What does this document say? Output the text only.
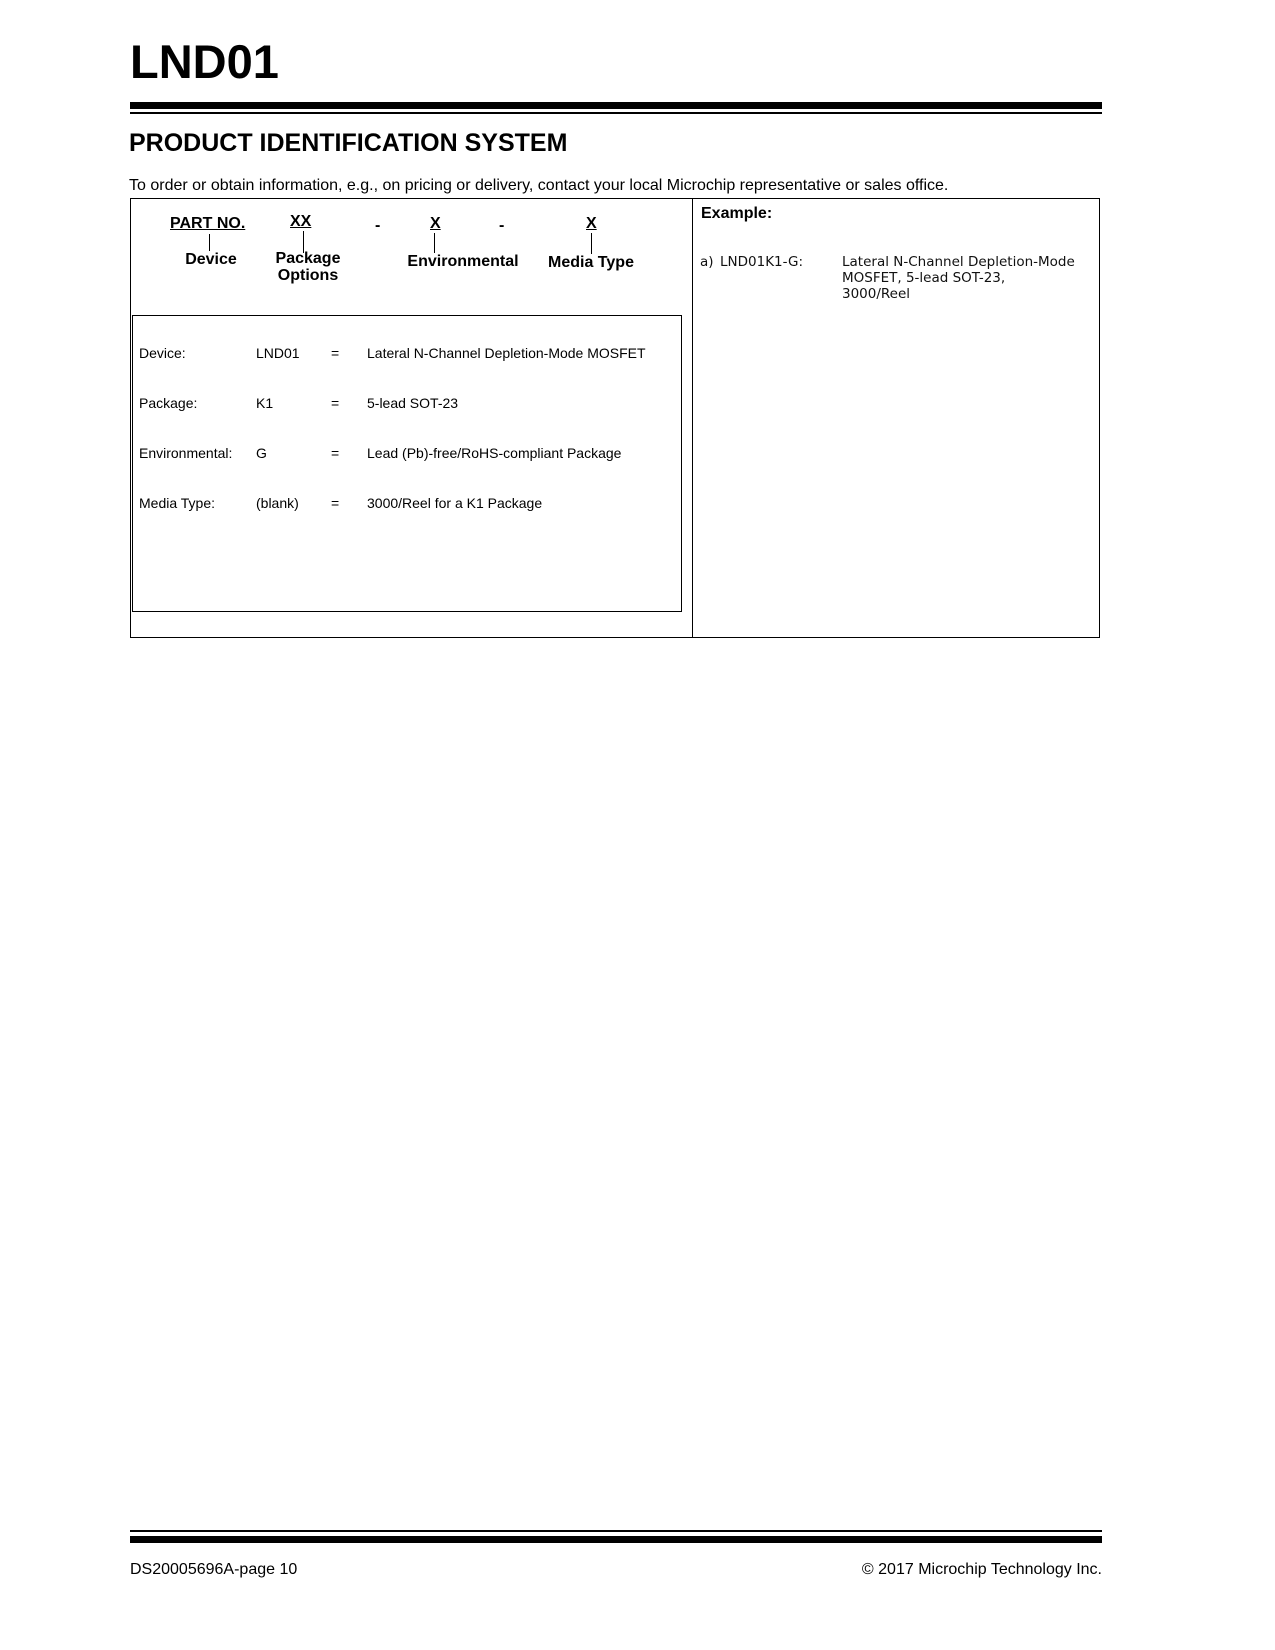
LND01
PRODUCT IDENTIFICATION SYSTEM
To order or obtain information, e.g., on pricing or delivery, contact your local Microchip representative or sales office.
PART NO.
Device
XX
Package
Options
-	X
Environmental
-	X
Media Type
Device:	LND01 = Lateral N-Channel Depletion-Mode MOSFET
Package:	K1	= 5-lead SOT-23
Environmental: G	= Lead (Pb)-free/RoHS-compliant Package
Media Type:	(blank) = 3000/Reel for a K1 Package
Example:
a) LND01K1-G:	Lateral N-Channel Depletion-Mode
MOSFET, 5-lead SOT-23,
3000/Reel
DS20005696A-page 10	© 2017 Microchip Technology Inc.
